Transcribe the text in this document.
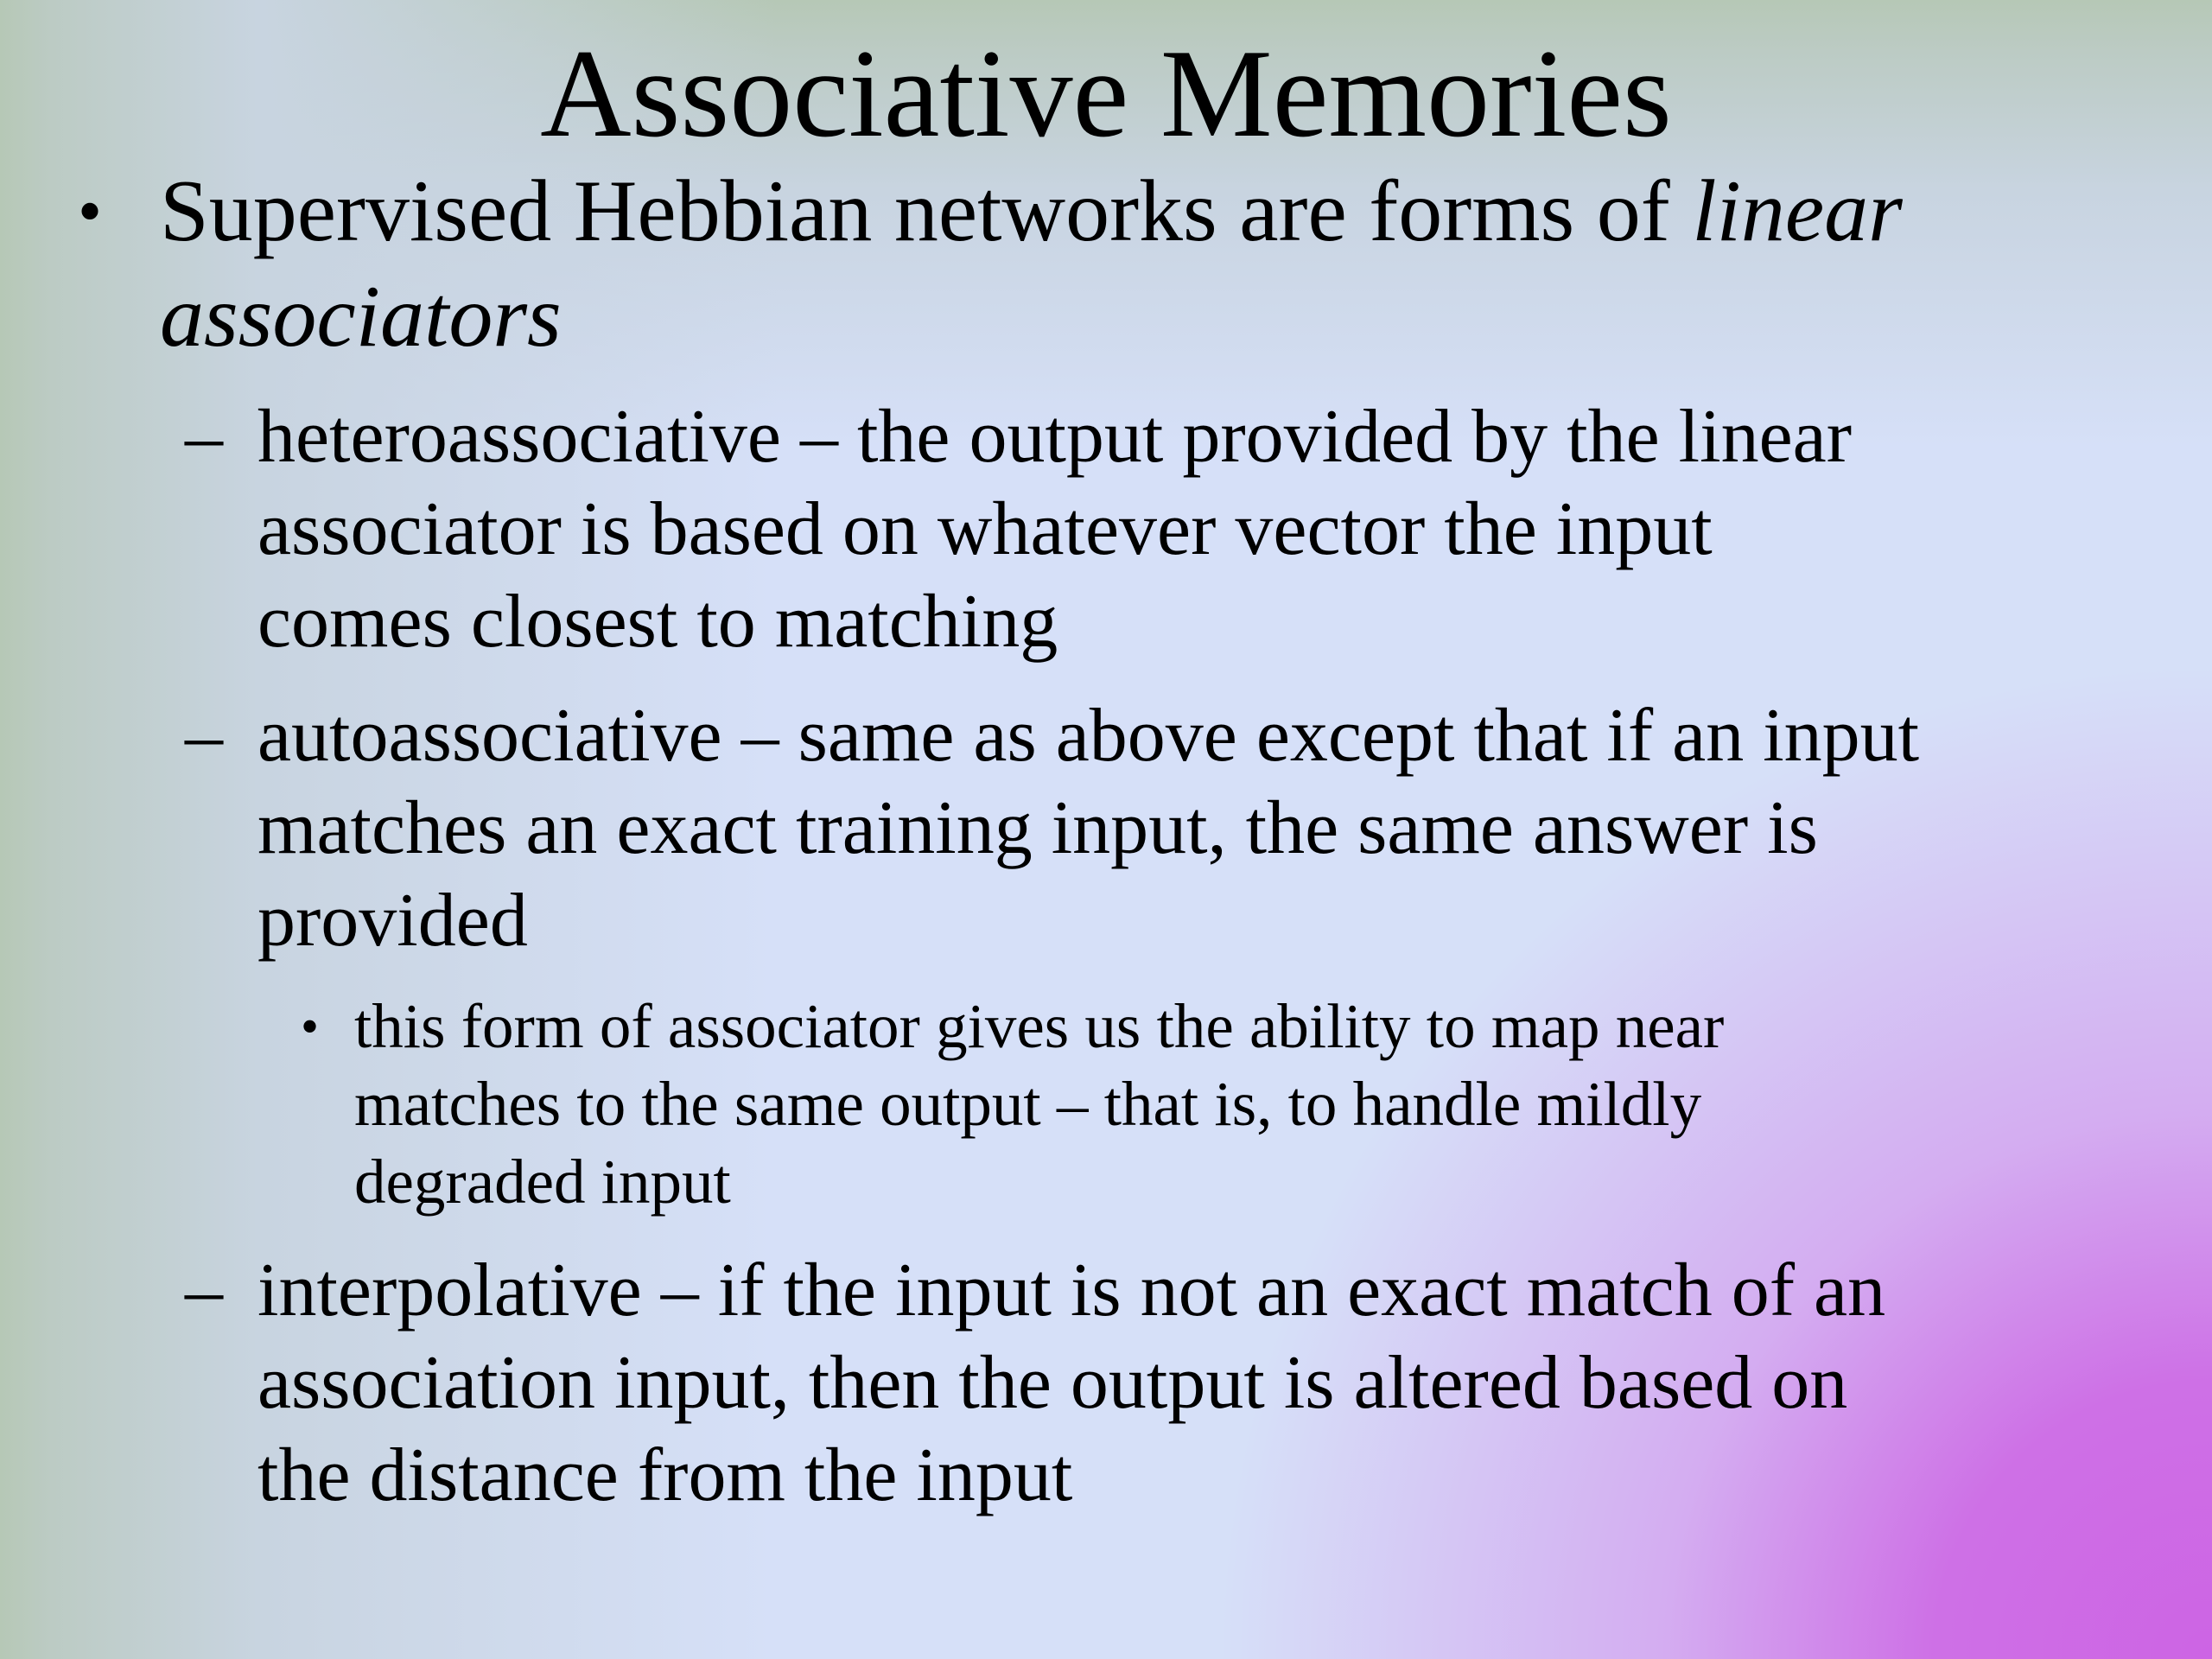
Associative Memories
• Supervised Hebbian networks are forms of linear
associators
– heteroassociative – the output provided by the linear
associator is based on whatever vector the input
comes closest to matching
– autoassociative – same as above except that if an input
matches an exact training input, the same answer is
provided
• this form of associator gives us the ability to map near
matches to the same output – that is, to handle mildly
degraded input
– interpolative – if the input is not an exact match of an
association input, then the output is altered based on
the distance from the input
